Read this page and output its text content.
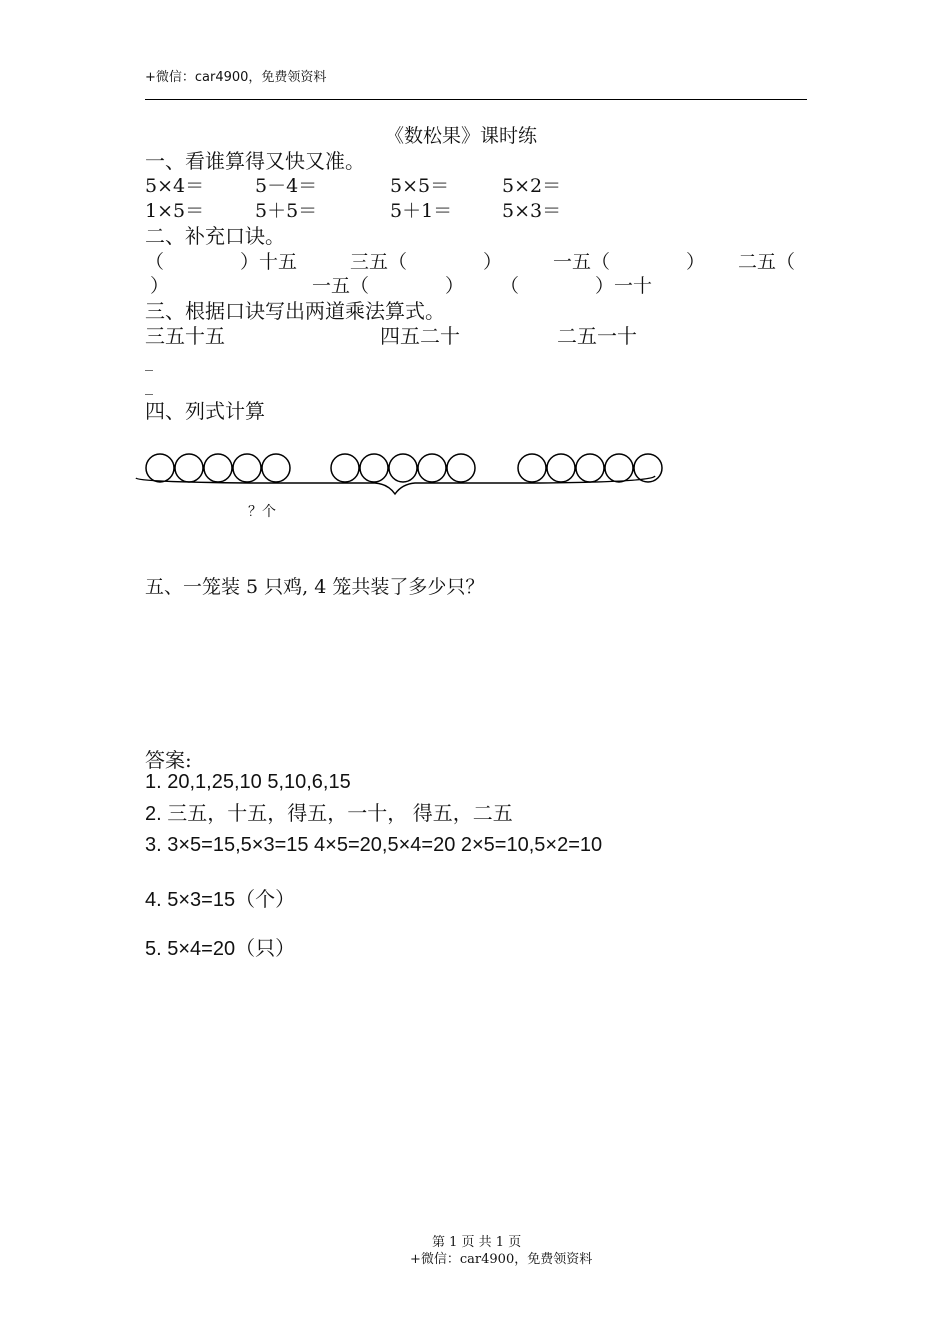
+微信：car4900，免费领资料
《数松果》课时练
一、看谁算得又快又准。
5×4＝	5－4＝	5×5＝	5×2＝
1×5＝	5＋5＝	5＋1＝	5×3＝
二、补充口诀。
（　　　　）十五	三五（　　　　）	一五（　　　　） 二五（
）	一五（　　　　） （　　　　）一十
三、根据口诀写出两道乘法算式。
三五十五	四五二十	二五一十
_
_
四、列式计算
？个
五、一笼装 5 只鸡, 4 笼共装了多少只？
答案:
1. 20,1,25,10 5,10,6,15
2. 三五，十五，得五，一十， 得五，二五
3. 3×5=15,5×3=15 4×5=20,5×4=20 2×5=10,5×2=10
4. 5×3=15（个）
5. 5×4=20（只）
第 1 页 共 1 页
+微信：car4900，免费领资料
